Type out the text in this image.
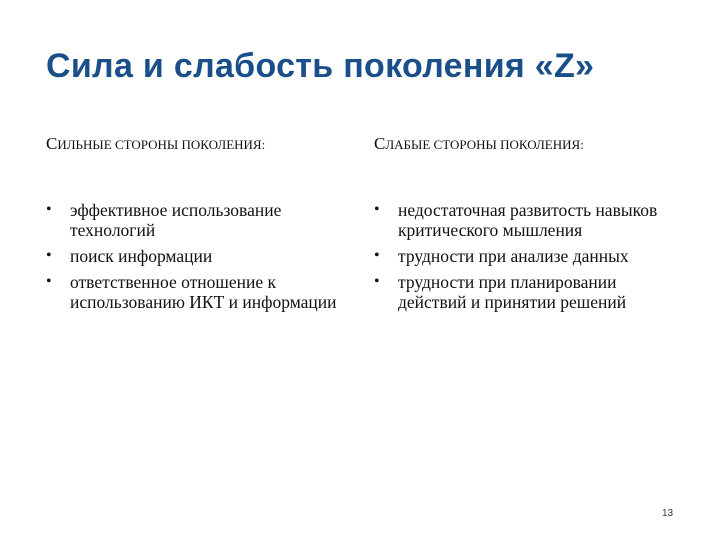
Сила и слабость поколения «Z»
СИЛЬНЫЕ СТОРОНЫ ПОКОЛЕНИЯ:
• эффективное использование технологий
• поиск информации
• ответственное отношение к использованию ИКТ и информации
СЛАБЫЕ СТОРОНЫ ПОКОЛЕНИЯ:
• недостаточная развитость навыков критического мышления
• трудности при анализе данных
• трудности при планировании действий и принятии решений
13
